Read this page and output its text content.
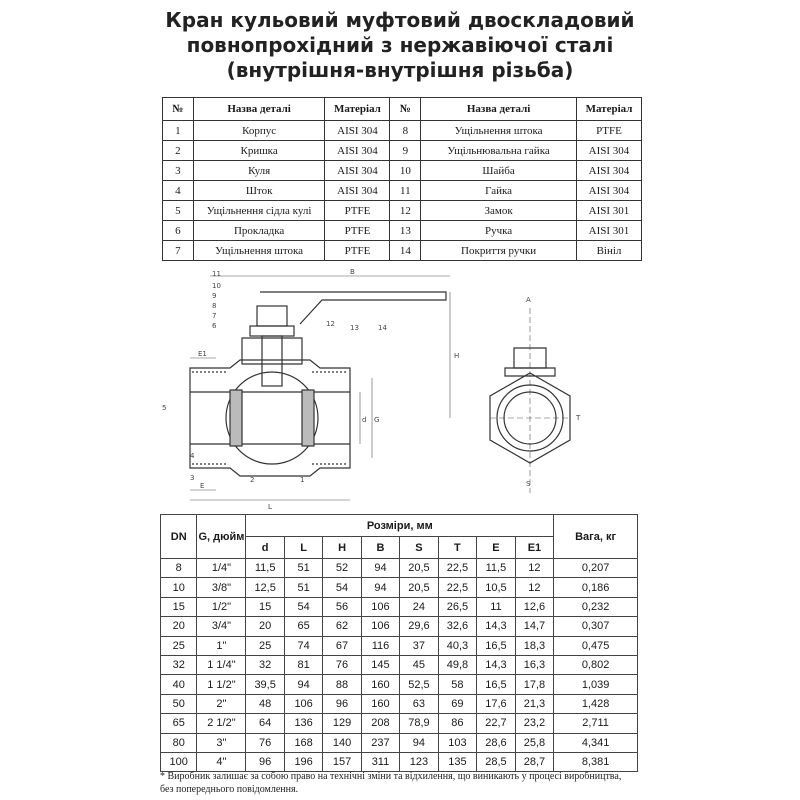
Кран кульовий муфтовий двоскладовий
повнопрохідний з нержавіючої сталі
(внутрішня-внутрішня різьба)
№	Назва деталі	Матеріал	№	Назва деталі	Матеріал
1	Корпус	AISI 304	8	Ущільнення штока	PTFE
2	Кришка	AISI 304	9	Ущільнювальна гайка	AISI 304
3	Куля	AISI 304	10	Шайба	AISI 304
4	Шток	AISI 304	11	Гайка	AISI 304
5	Ущільнення сідла кулі	PTFE	12	Замок	AISI 301
6	Прокладка	PTFE	13	Ручка	AISI 301
7	Ущільнення штока	PTFE	14	Покриття ручки	Вініл
B
H
E1
E
L
d G
A
S
T
11
10
9
8
7
6
5
4
3	2	1
12 13	14
DN	G, дюйм	Розміри, мм								Вага, кг
		d	L	H	B	S	T	E	E1	
8	1/4"	11,5	51	52	94	20,5	22,5	11,5	12	0,207
10	3/8"	12,5	51	54	94	20,5	22,5	10,5	12	0,186
15	1/2"	15	54	56	106	24	26,5	11	12,6	0,232
20	3/4"	20	65	62	106	29,6	32,6	14,3	14,7	0,307
25	1"	25	74	67	116	37	40,3	16,5	18,3	0,475
32	1 1/4"	32	81	76	145	45	49,8	14,3	16,3	0,802
40	1 1/2"	39,5	94	88	160	52,5	58	16,5	17,8	1,039
50	2"	48	106	96	160	63	69	17,6	21,3	1,428
65	2 1/2"	64	136	129	208	78,9	86	22,7	23,2	2,711
80	3"	76	168	140	237	94	103	28,6	25,8	4,341
100	4"	96	196	157	311	123	135	28,5	28,7	8,381
* Виробник залишає за собою право на технічні зміни та відхилення, що виникають у процесі виробництва,
без попереднього повідомлення.
